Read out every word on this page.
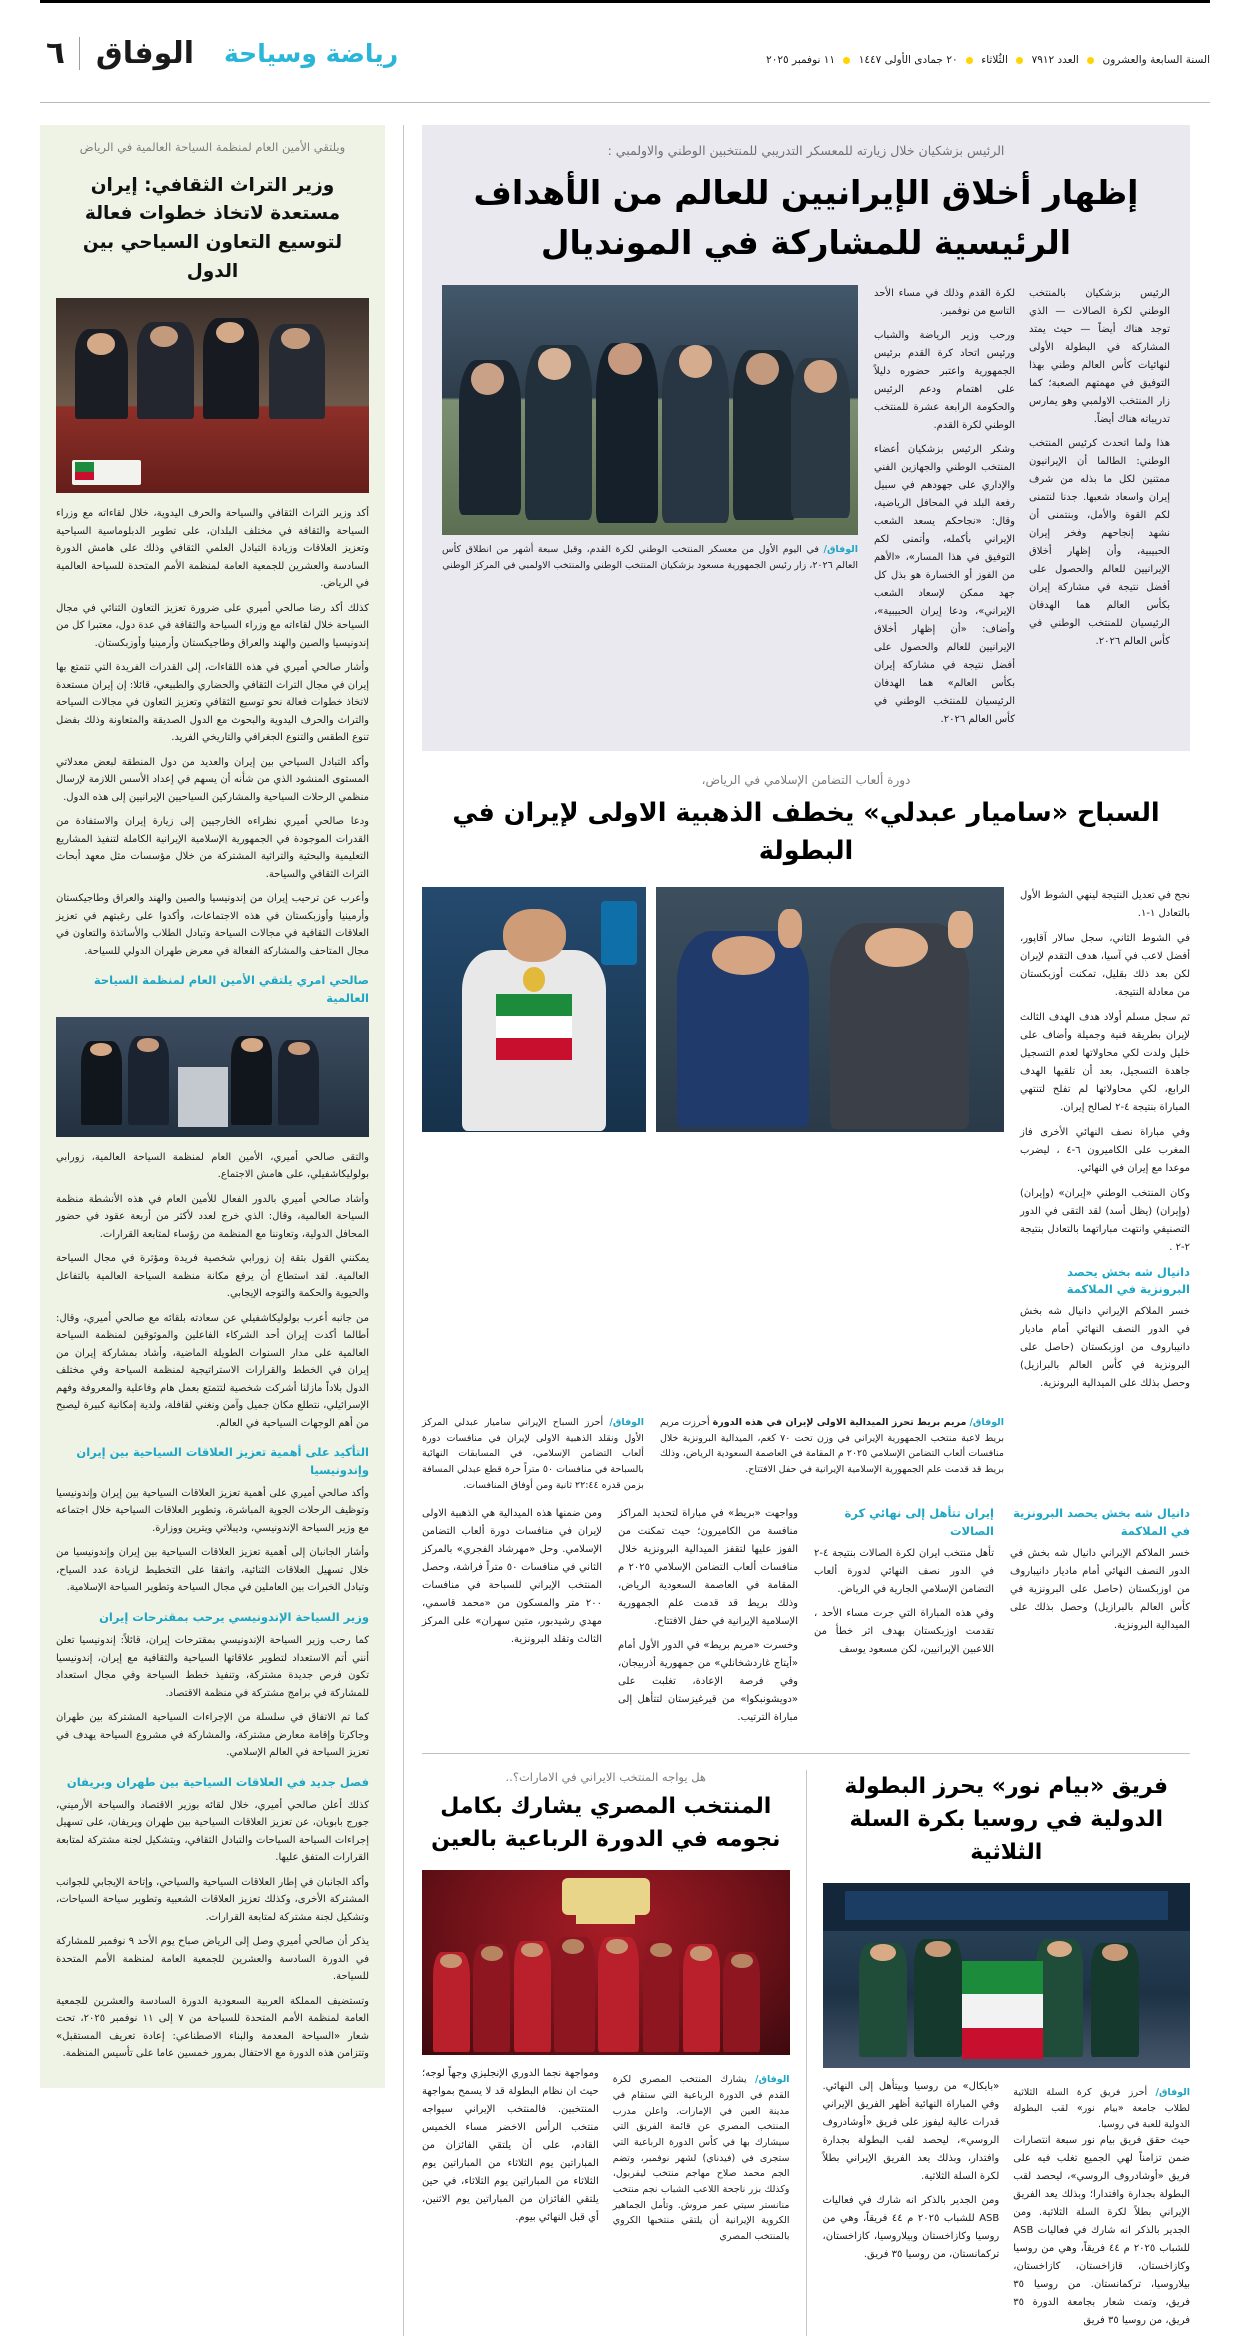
السنة السابعة والعشرون  العدد ٧٩١٢  الثُلاثاء  ٢٠ جمادى الأولى ١٤٤٧  ١١ نوفمبر ٢٠٢٥
رياضة وسياحة
الوفاق
٦
الرئيس بزشكيان خلال زيارته للمعسكر التدريبي للمنتخبين الوطني والاولمبي :
إظهار أخلاق الإيرانيين للعالم من الأهداف الرئيسية للمشاركة في المونديال

الرئيس بزشكيان بالمنتخب الوطني لكرة الصالات — الذي توجد هناك أيضاً — حيث يمتد المشاركة في البطولة الأولى لنهائيات كأس العالم وطني بهذا التوفيق في مهمتهم الصعبة؛ كما زار المنتخب الاولمبي وهو يمارس تدريباته هناك أيضاً.

هذا ولما اتحدث كرئيس المنتخب الوطني: الطالما أن الإيرانيون ممتنين لكل ما بذله من شرف إيران واسعاد شعبها. جدنا لنتمنى لكم القوة والأمل، وبنتمنى أن نشهد إنجاحهم وفخر إيران الحبيبية، وأن إظهار أخلاق الإيرانيين للعالم والحصول على أفضل نتيجة في مشاركة إيران بكأس العالم هما الهدفان الرئيسيان للمنتخب الوطني في كأس العالم ٢٠٢٦.

لكرة القدم وذلك في مساء الأحد التاسع من نوفمبر.

ورحب وزير الرياضة والشباب ورئيس اتحاد كرة القدم برئيس الجمهورية واعتبر حضوره دليلاً على اهتمام ودعم الرئيس والحكومة الرابعة عشرة للمنتخب الوطني لكرة القدم.

وشكر الرئيس بزشكيان أعضاء المنتخب الوطني والجهازين الفني والإداري على جهودهم في سبيل رفعة البلد في المحافل الرياضية، وقال: «نجاحكم يسعد الشعب الإيراني بأكمله، وأتمنى لكم التوفيق في هذا المسار»، «الأهم من الفوز أو الخسارة هو بذل كل جهد ممكن لإسعاد الشعب الإيراني»، ودعا إيران الحبيبية»، وأضاف: «أن إظهار أخلاق الإيرانيين للعالم والحصول على أفضل نتيجة في مشاركة إيران بكأس العالم» هما الهدفان الرئيسيان للمنتخب الوطني في كأس العالم ٢٠٢٦.

الوفاق/ في اليوم الأول من معسكر المنتخب الوطني لكرة القدم، وقبل سبعة أشهر من انطلاق كأس العالم ٢٠٢٦، زار رئيس الجمهورية مسعود بزشكيان المنتخب الوطني والمنتخب الاولمبي في المركز الوطني
دورة ألعاب التضامن الإسلامي في الرياض،
السباح «ساميار عبدلي» يخطف الذهبية الاولى لإيران في البطولة

نجح في تعديل النتيجة لينهي الشوط الأول بالتعادل ١-١.

في الشوط الثاني، سجل سالار آقاپور، أفضل لاعب في آسيا، هدف التقدم لإيران لكن بعد ذلك بقليل، تمكنت أوزبكستان من معادلة النتيجة.

ثم سجل مسلم أولاد هدف الهدف الثالث لإيران بطريقة فنية وجميلة وأضاف على خليل ولدت لكي محاولاتها لعدم التسجيل جاهدة التسجيل، بعد أن تلقيها الهدف الرابع، لكي محاولاتها لم تفلح لتنتهي المباراة بنتيجة ٤-٢ لصالح إيران.

وفي مباراة نصف النهائي الأخرى فاز المغرب على الكاميرون ٦-٤ ، ليضرب موعدا مع إيران في النهائي.

وكان المنتخب الوطني «إيران» (وإيران) (وإيران) (يظل أسد) لقد التقى في الدور التصنيفي وانتهت مباراتهما بالتعادل بنتيجة ٢-٢ .

دانيال شه بخش يحصد البرونزية في الملاكمة

خسر الملاكم الإيراني دانيال شه بخش في الدور النصف النهائي أمام ماديار دانيباروف من اوزبكستان (حاصل على البرونزية في كأس العالم بالبرازيل) وحصل بذلك على الميدالية البرونزية.

الوفاق/ مريم بريط تحرز الميدالية الاولى لإيران في هذه الدورة أحرزت مريم بريط لاعبة منتخب الجمهورية الإيراني في وزن تحت ٧٠ كغم، الميدالية البرونزية خلال منافسات ألعاب التضامن الإسلامي ٢٠٢٥ م المقامة في العاصمة السعودية الرياض، وذلك بريط قد قدمت علم الجمهورية الإسلامية الإيرانية في حفل الافتتاح.
الوفاق/ أحرز السباح الإيراني ساميار عبدلي المركز الأول ونقلد الذهبية الاولى لإيران في منافسات دورة ألعاب التضامن الإسلامي، في المسابقات النهائية بالسباحة في منافسات ٥٠ متراً حرة قطع عبدلي المسافة بزمن قدره ٢٢:٤٤ ثانية ومن أوفاق المنافسات.
دانيال شه بخش يحصد البرونزية في الملاكمة

خسر الملاكم الإيراني دانيال شه بخش في الدور النصف النهائي أمام ماديار دانيباروف من اوزبكستان (حاصل على البرونزية في كأس العالم بالبرازيل) وحصل بذلك على الميدالية البرونزية.

إيران تتأهل إلى نهائي كرة الصالات

تأهل منتخب ايران لكرة الصالات بنتيجة ٤-٢ في الدور نصف النهائي لدورة ألعاب التضامن الإسلامي الجارية في الرياض.

وفي هذه المباراة التي جرت مساء الأحد ، تقدمت اوزبكستان بهدف اثر خطأ من اللاعبين الإيرانيين، لكن مسعود يوسف

وواجهت «بريط» في مباراة لتحديد المراكز منافسة من الكاميرون؛ حيث تمكنت من الفوز عليها لتقفز الميدالية البرونزية خلال منافسات ألعاب التضامن الإسلامي ٢٠٢٥ م المقامة في العاصمة السعودية الرياض، وذلك بريط قد قدمت علم الجمهورية الإسلامية الإيرانية في حفل الافتتاح.

وخسرت «مريم بريط» في الدور الأول أمام «أيتاج غاردشخانلي» من جمهورية أذربيجان، وفي فرصة الإعادة، تغلبت على «دويشونبكوا» من قيرغيزستان لتتأهل إلى مباراة الترتيب.

ومن ضمنها هذه الميدالية هي الذهبية الاولى لإيران في منافسات دورة ألعاب التضامن الإسلامي. وحل «مهرشاد الفجري» بالمركز الثاني في منافسات ٥٠ متراً فراشة، وحصل المنتخب الإيراني للسباحة في منافسات ٢٠٠ متر والمسكون من «محمد قاسمي، مهدي رشيدبور، متين سهران» على المركز الثالث وتقلد البرونزية.

فريق «بيام نور» يحرز البطولة الدولية في روسيا بكرة السلة الثلاثية
الوفاق/ أحرز فريق كرة السلة الثلاثية لطلاب جامعة «بيام نور» لقب البطولة الدولية للعبة في روسيا.

حيث حقق فريق بيام نور سبعة انتصارات ضمن تزامناً لهي الجميع تغلب فيه على فريق «أوشادروف الروسي»، ليحصد لقب البطولة بجدارة وافتدارا؛ وبذلك يعد الفريق الإيراني بطلاً لكرة السلة الثلاثية. ومن الجدير بالذكر انه شارك في فعاليات ASB للشباب ٢٠٢٥ م ٤٤ فريقاً، وهي من روسيا وكازاخستان، قازاخستان، كازاخستان، بيلاروسيا، تركمانستان. من روسيا ٣٥ فريق، وتمت شعار بجامعة الدورة ٣٥ فريق، من روسيا ٣٥ فريق

«بايكال» من روسيا وبيتأهل إلى النهائي. وفي المباراة النهائية أظهر الفريق الإيراني قدرات عالية ليفوز على فريق «أوشادروف الروسي»، ليحصد لقب البطولة بجدارة وافتدار، وبذلك يعد الفريق الإيراني بطلاً لكرة السلة الثلاثية.

ومن الجدير بالذكر انه شارك في فعاليات ASB للشباب ٢٠٢٥ م ٤٤ فريقاً، وهي من روسيا وكازاخستان وبيلاروسيا، كازاخستان، تركمانستان، من روسيا ٣٥ فريق.

هل يواجه المنتخب الايراني في الامارات؟..
المنتخب المصري يشارك بكامل نجومه في الدورة الرباعية بالعين
الوفاق/ يشارك المنتخب المصري لكرة القدم في الدورة الرباعية التي ستقام في مدينة العين في الإمارات. واعلن مدرب المنتخب المصري عن قائمة الفريق التي سيشارك بها في كأس الدورة الرباعية التي ستجرى في (فيدناي) لشهر نوفمبر، وتضم الجم محمد صلاح مهاجم منتخب ليفربول، وكذلك بزر ناجحة اللاعب الشباب نجم منتخب منانستر سيتي عمر مروش. وتأمل الجماهير الكروية الإيرانية أن يلتقي منتخبها الكروي بالمنتخب المصري

ومواجهة نجما الدوري الإنجليزي وجهاً لوجه؛ حيث ان نظام البطولة قد لا يسمح بمواجهة المنتخبين. فالمنتخب الإيراني سيواجه منتخب الرأس الاخضر مساء الخميس القادم، على أن يلتقي الفائزان من المباراتين يوم الثلاثاء من المباراتين يوم الثلاثاء من المباراتين يوم الثلاثاء، في حين يلتقي الفائزان من المباراتين يوم الاثنين، أي قبل النهائي بيوم.

ويلتقي الأمين العام لمنظمة السياحة العالمية في الرياض
وزير التراث الثقافي: إيران مستعدة لاتخاذ خطوات فعالة لتوسيع التعاون السياحي بين الدول

أكد وزير التراث الثقافي والسياحة والحرف اليدوية، خلال لقاءاته مع وزراء السياحة والثقافة في مختلف البلدان، على تطوير الدبلوماسية السياحية وتعزيز العلاقات وزيادة التبادل العلمي الثقافي وذلك على هامش الدورة السادسة والعشرين للجمعية العامة لمنظمة الأمم المتحدة للسياحة العالمية في الرياض.

كذلك أكد رضا صالحي أميري على ضرورة تعزيز التعاون الثنائي في مجال السياحة خلال لقاءاته مع وزراء السياحة والثقافة في عدة دول، معتبرا كل من إندونيسيا والصين والهند والعراق وطاجيكستان وأرمينيا وأوزبكستان.

وأشار صالحي أميري في هذه اللقاءات، إلى القدرات الفريدة التي تتمتع بها إيران في مجال التراث الثقافي والحضاري والطبيعي، قائلا: إن إيران مستعدة لاتخاذ خطوات فعالة نحو توسيع الثقافي وتعزيز التعاون في مجالات السياحة والتراث والحرف اليدوية والبحوث مع الدول الصديقة والمتعاونة وذلك بفضل تنوع الطقس والتنوع الجغرافي والتاريخي الفريد.

وأكد التبادل السياحي بين إيران والعديد من دول المنطقة لبعض معدلاتي المستوى المنشود الذي من شأنه أن يسهم في إعداد الأسس اللازمة لإرسال منظمي الرحلات السياحية والمشاركين السياحيين الإيرانيين إلى هذه الدول.

ودعا صالحي أميري نظراءه الخارجيين إلى زيارة إيران والاستفادة من القدرات الموجودة في الجمهورية الإسلامية الإيرانية الكاملة لتنفيذ المشاريع التعليمية والبحثية والتراثية المشتركة من خلال مؤسسات مثل معهد أبحاث التراث الثقافي والسياحة.

وأعرب عن ترحيب إيران من إندونيسيا والصين والهند والعراق وطاجيكستان وأرمينيا وأوزبكستان في هذه الاجتماعات، وأكدوا على رغبتهم في تعزيز العلاقات الثقافية في مجالات السياحة وتبادل الطلاب والأساتذة والتعاون في مجال المتاحف والمشاركة الفعالة في معرض طهران الدولي للسياحة.

صالحي امري يلتقي الأمين العام لمنظمة السياحة العالمية

والتقى صالحي أميري، الأمين العام لمنظمة السياحة العالمية، زورابي بولوليكاشفيلي، على هامش الاجتماع.

وأشاد صالحي أميري بالدور الفعال للأمين العام في هذه الأنشطة منظمة السياحة العالمية، وقال: الذي خرج لعدد لأكثر من أربعة عقود في حضور المحافل الدولية، وتعاوننا مع المنظمة من رؤساء لمتابعة القرارات.

يمكنني القول بثقة إن زورابي شخصية فريدة ومؤثرة في مجال السياحة العالمية. لقد استطاع أن يرفع مكانة منظمة السياحة العالمية بالتفاعل والحيوية والحكمة والتوجه الإيجابي.

من جانبه أعرب بولوليكاشفيلي عن سعادته بلقائه مع صالحي أميري، وقال: أطالما أكدت إيران أحد الشركاء الفاعلين والموثوقين لمنظمة السياحة العالمية على مدار السنوات الطويلة الماضية، وأشاد بمشاركة إيران من إيران في الخطط والقرارات الاستراتيجية لمنظمة السياحة وفي مختلف الدول بلاداً مازلنا أشركت شخصية لتتمتع بعمل هام وفاعلية والمعروفة وفهم الإسرائيلي، نتطلع مكان جميل وآمن ونغني لقافلة، ولدية إمكانية كبيرة ليصبح من أهم الوجهات السياحية في العالم.

التأكيد على أهمية تعزيز العلاقات السياحية بين إيران وإندونيسيا

وأكد صالحي أميري على أهمية تعزيز العلاقات السياحية بين إيران وإندونيسيا وتوظيف الرحلات الجوية المباشرة، وتطوير العلاقات السياحية خلال اجتماعه مع وزير السياحة الإندونيسي، وديبلاتي ويترين ووزارة.

وأشار الجانبان إلى أهمية تعزيز العلاقات السياحية بين إيران وإندونيسيا من خلال تسهيل العلاقات الثنائية، واتفقا على التخطيط لزيادة عدد السياح، وتبادل الخبرات بين العاملين في مجال السياحة وتطوير السياحة الإسلامية.

وزير السياحة الإندونيسي يرحب بمقترحات إيران

كما رحب وزير السياحة الإندونيسي بمقترحات إيران، قائلاً: إندونيسيا تعلن أنني أتم الاستعداد لتطوير علاقاتها السياحية والثقافية مع إيران، إندونيسيا تكون فرص جديدة مشتركة، وتنفيذ خطط السياحة وفي مجال استعداد للمشاركة في برامج مشتركة في منظمة الاقتصاد.

كما تم الاتفاق في سلسلة من الإجراءات السياحية المشتركة بين طهران وجاكرتا وإقامة معارض مشتركة، والمشاركة في مشروع السياحة يهدف في تعزيز السياحة في العالم الإسلامي.

فصل جديد في العلاقات السياحية بين طهران وبريفان

كذلك أعلن صالحي أميري، خلال لقائه بوزير الاقتصاد والسياحة الأرميني، جورج بابويان، عن تعزيز العلاقات السياحية بين طهران ويريفان، على تسهيل إجراءات السياحة السياحات والتبادل الثقافي، وبتشكيل لجنة مشتركة لمتابعة القرارات المتفق عليها.

وأكد الجانبان في إطار العلاقات السياحية والسياحي، وإتاحة الإيجابي للجوانب المشتركة الأخرى، وكذلك تعزيز العلاقات الشعبية وتطوير سياحة السياحات، وتشكيل لجنة مشتركة لمتابعة القرارات.

يذكر أن صالحي أميري وصل إلى الرياض صباح يوم الأحد ٩ نوفمبر للمشاركة في الدورة السادسة والعشرين للجمعية العامة لمنظمة الأمم المتحدة للسياحة.

وتستضيف المملكة العربية السعودية الدورة السادسة والعشرين للجمعية العامة لمنظمة الأمم المتحدة للسياحة من ٧ إلى ١١ نوفمبر ٢٠٢٥، تحت شعار «السياحة المعدمة والبناء الاصطناعي: إعادة تعريف المستقبل» وتتزامن هذه الدورة مع الاحتفال بمرور خمسين عاما على تأسيس المنظمة.
